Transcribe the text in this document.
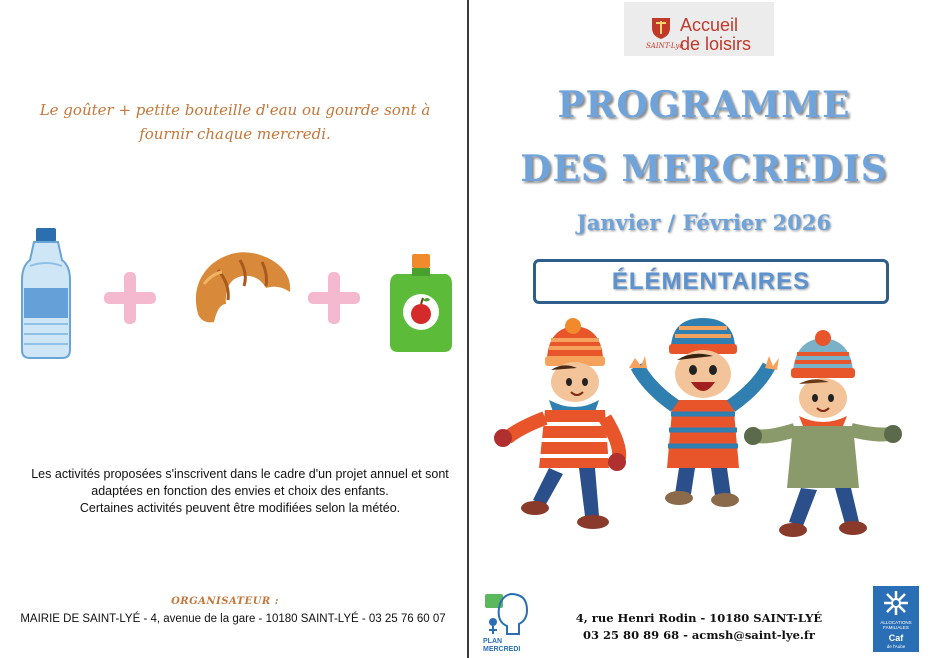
Le goûter + petite bouteille d'eau ou gourde sont à
fournir chaque mercredi.
Les activités proposées s'inscrivent dans le cadre d'un projet annuel et sont
adaptées en fonction des envies et choix des enfants.
Certaines activités peuvent être modifiées selon la météo.
ORGANISATEUR :
MAIRIE DE SAINT-LYÉ - 4, avenue de la gare - 10180 SAINT-LYÉ - 03 25 76 60 07
SAINT-Lyé
Accueil
de loisirs
PROGRAMME
DES MERCREDIS
Janvier / Février 2026
ÉLÉMENTAIRES
PLAN
MERCREDI
4, rue Henri Rodin - 10180 SAINT-LYÉ
03 25 80 89 68 - acmsh@saint-lye.fr
ALLOCATIONS
FAMILIALES
Caf
de l'Aube
